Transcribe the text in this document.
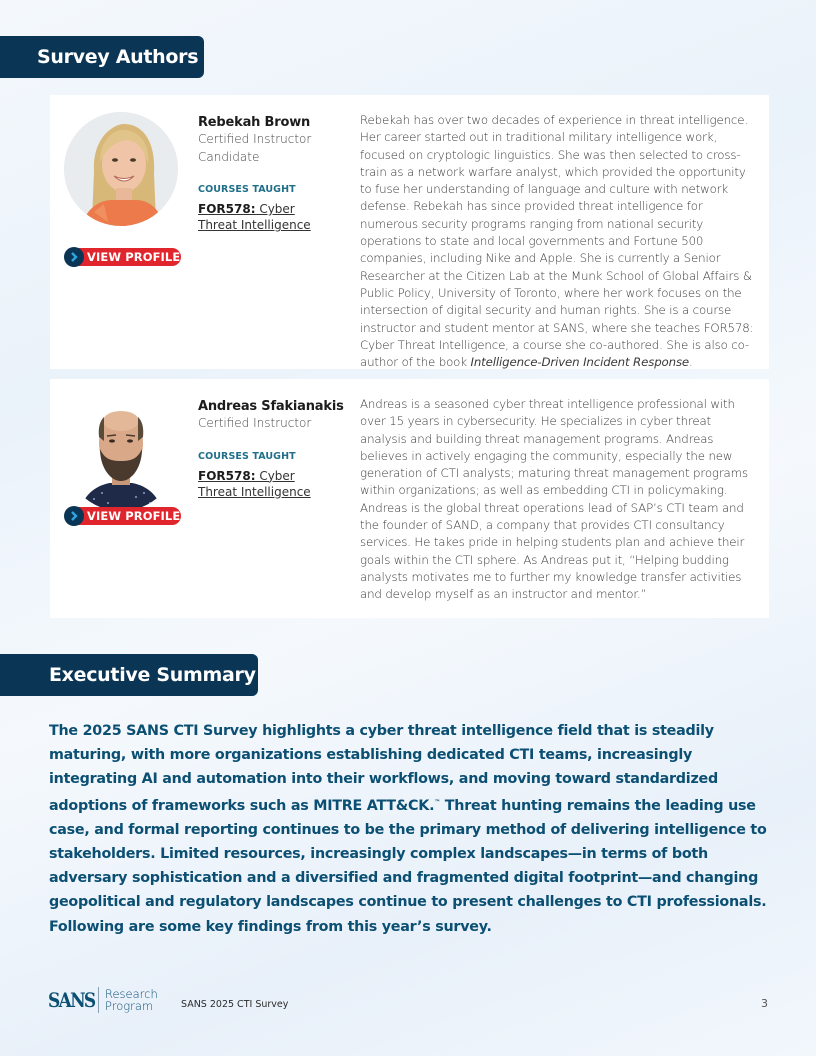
Survey Authors
VIEW PROFILE
Rebekah Brown
Certified Instructor Candidate
COURSES TAUGHT
FOR578: Cyber Threat Intelligence
Rebekah has over two decades of experience in threat intelligence. Her career started out in traditional military intelligence work, focused on cryptologic linguistics. She was then selected to cross-train as a network warfare analyst, which provided the opportunity to fuse her understanding of language and culture with network defense. Rebekah has since provided threat intelligence for numerous security programs ranging from national security operations to state and local governments and Fortune 500 companies, including Nike and Apple. She is currently a Senior Researcher at the Citizen Lab at the Munk School of Global Affairs & Public Policy, University of Toronto, where her work focuses on the intersection of digital security and human rights. She is a course instructor and student mentor at SANS, where she teaches FOR578: Cyber Threat Intelligence, a course she co-authored. She is also co-author of the book Intelligence-Driven Incident Response.
VIEW PROFILE
Andreas Sfakianakis
Certified Instructor
COURSES TAUGHT
FOR578: Cyber Threat Intelligence
Andreas is a seasoned cyber threat intelligence professional with over 15 years in cybersecurity. He specializes in cyber threat analysis and building threat management programs. Andreas believes in actively engaging the community, especially the new generation of CTI analysts; maturing threat management programs within organizations; as well as embedding CTI in policymaking. Andreas is the global threat operations lead of SAP’s CTI team and the founder of SAND, a company that provides CTI consultancy services. He takes pride in helping students plan and achieve their goals within the CTI sphere. As Andreas put it, “Helping budding analysts motivates me to further my knowledge transfer activities and develop myself as an instructor and mentor.”
Executive Summary
The 2025 SANS CTI Survey highlights a cyber threat intelligence field that is steadily maturing, with more organizations establishing dedicated CTI teams, increasingly integrating AI and automation into their workflows, and moving toward standardized adoptions of frameworks such as MITRE ATT&CK.™ Threat hunting remains the leading use case, and formal reporting continues to be the primary method of delivering intelligence to stakeholders. Limited resources, increasingly complex landscapes—in terms of both adversary sophistication and a diversified and fragmented digital footprint—and changing geopolitical and regulatory landscapes continue to present challenges to CTI professionals. Following are some key findings from this year’s survey.
SANS Research
Program	SANS 2025 CTI Survey	3
